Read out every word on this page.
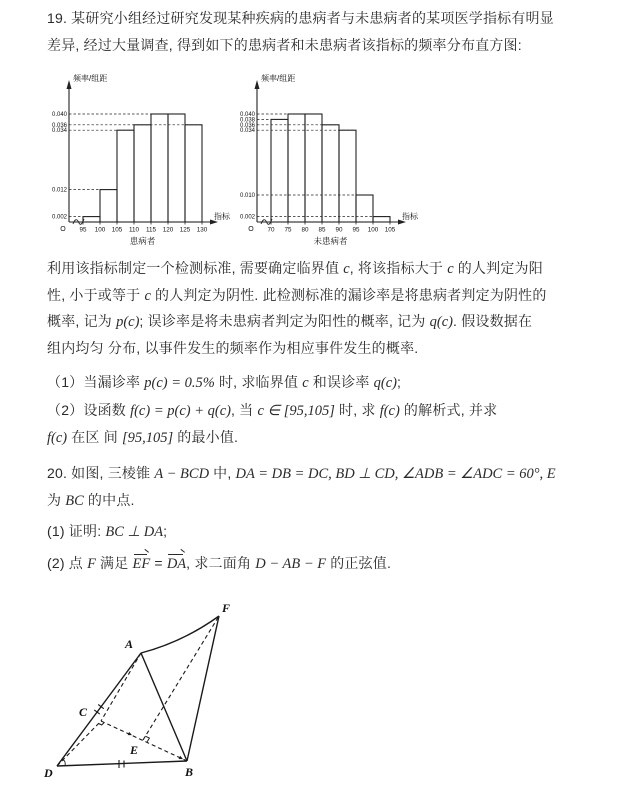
19. 某研究小组经过研究发现某种疾病的患病者与未患病者的某项医学指标有明显
差异, 经过大量调查, 得到如下的患病者和未患病者该指标的频率分布直方图:
O
频率/组距
指标
患病者
95 100 105 110 115 120 125 130
0.002
0.012
0.034
0.036
0.040
O
频率/组距
指标
未患病者
70 75 80 85 90 95 100 105
0.002
0.010
0.034
0.036
0.038
0.040
利用该指标制定一个检测标准, 需要确定临界值 c, 将该指标大于 c 的人判定为阳
性, 小于或等于 c 的人判定为阴性. 此检测标准的漏诊率是将患病者判定为阴性的
概率, 记为 p(c); 误诊率是将未患病者判定为阳性的概率, 记为 q(c). 假设数据在
组内均匀 分布, 以事件发生的频率作为相应事件发生的概率.
（1）当漏诊率 p(c) = 0.5% 时, 求临界值 c 和误诊率 q(c);
（2）设函数 f(c) = p(c) + q(c), 当 c ∈ [95,105] 时, 求 f(c) 的解析式, 并求
f(c) 在区 间 [95,105] 的最小值.
20. 如图, 三棱锥 A − BCD 中, DA = DB = DC, BD ⊥ CD, ∠ADB = ∠ADC = 60°, E
为 BC 的中点.
(1) 证明: BC ⊥ DA;
(2) 点 F 满足 EF = DA, 求二面角 D − AB − F 的正弦值.
A
B
C
D
E
F
